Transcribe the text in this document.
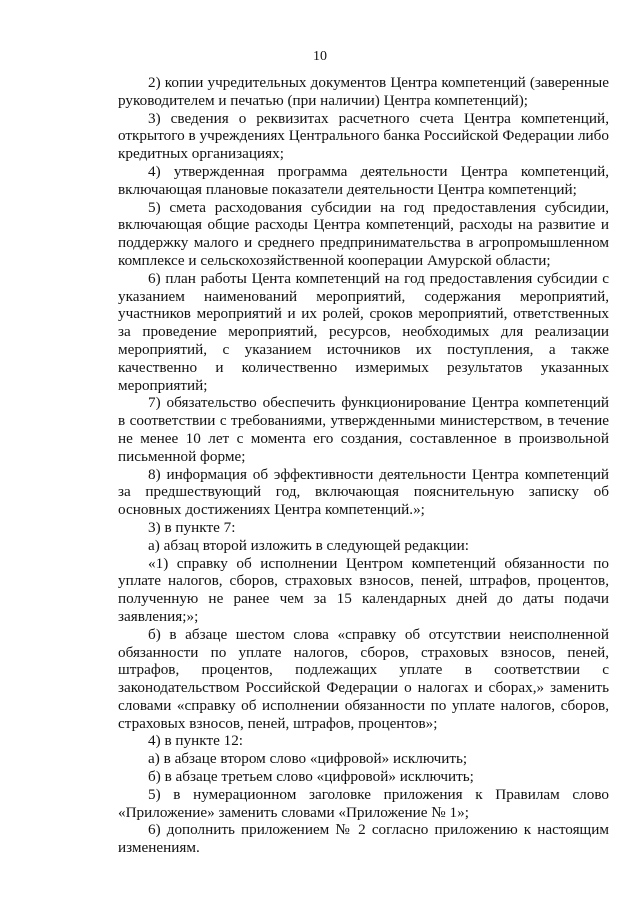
10

2) копии учредительных документов Центра компетенций (заверенные руководителем и печатью (при наличии) Центра компетенций);

3) сведения о реквизитах расчетного счета Центра компетенций, открытого в учреждениях Центрального банка Российской Федерации либо кредитных организациях;

4) утвержденная программа деятельности Центра компетенций, включающая плановые показатели деятельности Центра компетенций;

5) смета расходования субсидии на год предоставления субсидии, включающая общие расходы Центра компетенций, расходы на развитие и поддержку малого и среднего предпринимательства в агропромышленном комплексе и сельскохозяйственной кооперации Амурской области;

6) план работы Цента компетенций на год предоставления субсидии с указанием наименований мероприятий, содержания мероприятий, участников мероприятий и их ролей, сроков мероприятий, ответственных за проведение мероприятий, ресурсов, необходимых для реализации мероприятий, с указанием источников их поступления, а также качественно и количественно измеримых результатов указанных мероприятий;

7) обязательство обеспечить функционирование Центра компетенций в соответствии с требованиями, утвержденными министерством, в течение не менее 10 лет с момента его создания, составленное в произвольной письменной форме;

8) информация об эффективности деятельности Центра компетенций за предшествующий год, включающая пояснительную записку об основных достижениях Центра компетенций.»;

3) в пункте 7:

а) абзац второй изложить в следующей редакции:

«1) справку об исполнении Центром компетенций обязанности по уплате налогов, сборов, страховых взносов, пеней, штрафов, процентов, полученную не ранее чем за 15 календарных дней до даты подачи заявления;»;

б) в абзаце шестом слова «справку об отсутствии неисполненной обязанности по уплате налогов, сборов, страховых взносов, пеней, штрафов, процентов, подлежащих уплате в соответствии с законодательством Российской Федерации о налогах и сборах,» заменить словами «справку об исполнении обязанности по уплате налогов, сборов, страховых взносов, пеней, штрафов, процентов»;

4) в пункте 12:

а) в абзаце втором слово «цифровой» исключить;

б) в абзаце третьем слово «цифровой» исключить;

5) в нумерационном заголовке приложения к Правилам слово «Приложение» заменить словами «Приложение № 1»;

6) дополнить приложением № 2 согласно приложению к настоящим изменениям.
